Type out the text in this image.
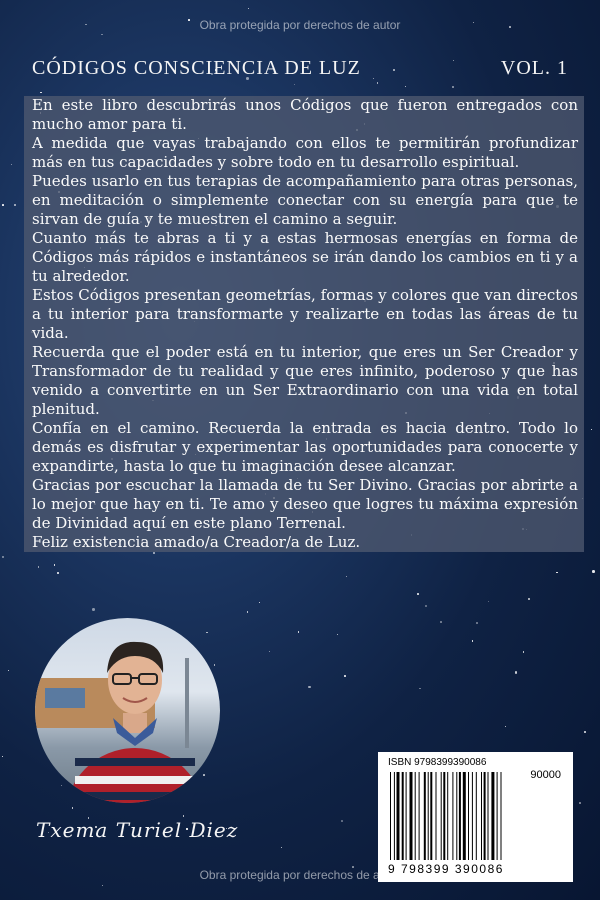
Obra protegida por derechos de autor
CÓDIGOS CONSCIENCIA DE LUZ	VOL. 1

En este libro descubrirás unos Códigos que fueron entregados con mucho amor para ti.

A medida que vayas trabajando con ellos te permitirán profundizar más en tus capacidades y sobre todo en tu desarrollo espiritual.

Puedes usarlo en tus terapias de acompañamiento para otras personas, en meditación o simplemente conectar con su energía para que te sirvan de guía y te muestren el camino a seguir.

Cuanto más te abras a ti y a estas hermosas energías en forma de Códigos más rápidos e instantáneos se irán dando los cambios en ti y a tu alrededor.

Estos Códigos presentan geometrías, formas y colores que van directos a tu interior para transformarte y realizarte en todas las áreas de tu vida.

Recuerda que el poder está en tu interior, que eres un Ser Creador y Transformador de tu realidad y que eres infinito, poderoso y que has venido a convertirte en un Ser Extraordinario con una vida en total plenitud.

Confía en el camino. Recuerda la entrada es hacia dentro. Todo lo demás es disfrutar y experimentar las oportunidades para conocerte y expandirte, hasta lo que tu imaginación desee alcanzar.

Gracias por escuchar la llamada de tu Ser Divino. Gracias por abrirte a lo mejor que hay en ti. Te amo y deseo que logres tu máxima expresión de Divinidad aquí en este plano Terrenal.

Feliz existencia amado/a Creador/a de Luz.

Txema Turiel Diez
ISBN 9798399390086
90000
9 798399 390086
Obra protegida por derechos de autor
